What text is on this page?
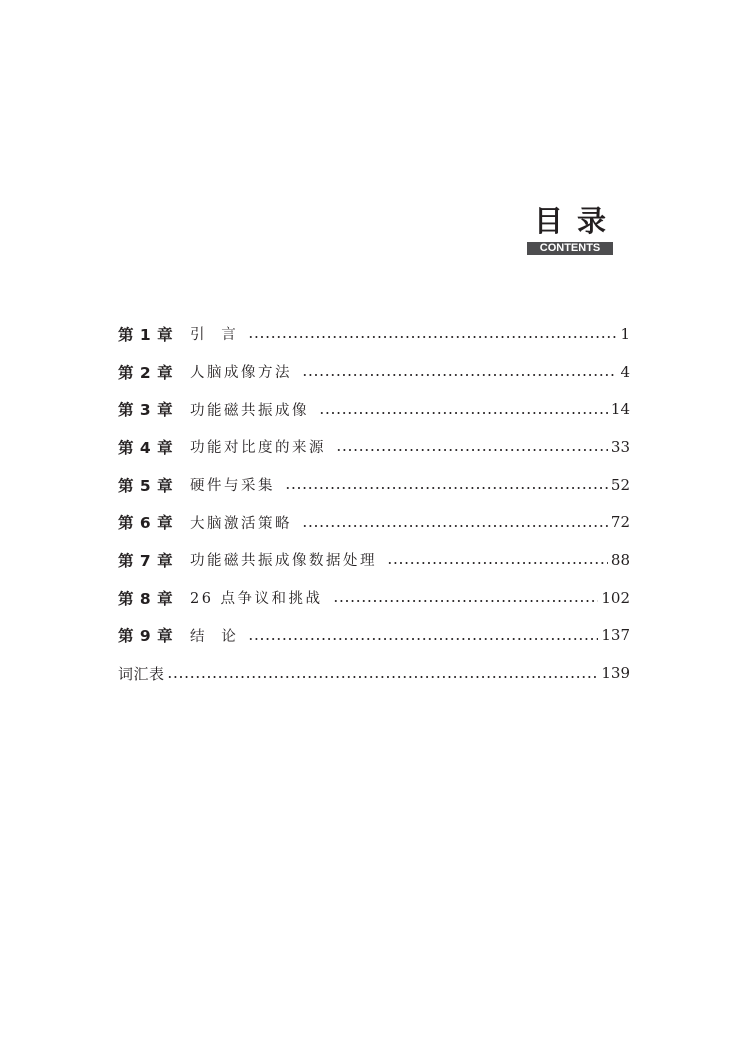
目录
CONTENTS
第 1 章	引  言	1
第 2 章	人脑成像方法	4
第 3 章	功能磁共振成像	14
第 4 章	功能对比度的来源	33
第 5 章	硬件与采集	52
第 6 章	大脑激活策略	72
第 7 章	功能磁共振成像数据处理	88
第 8 章	26 点争议和挑战	102
第 9 章	结  论	137
词汇表	139
